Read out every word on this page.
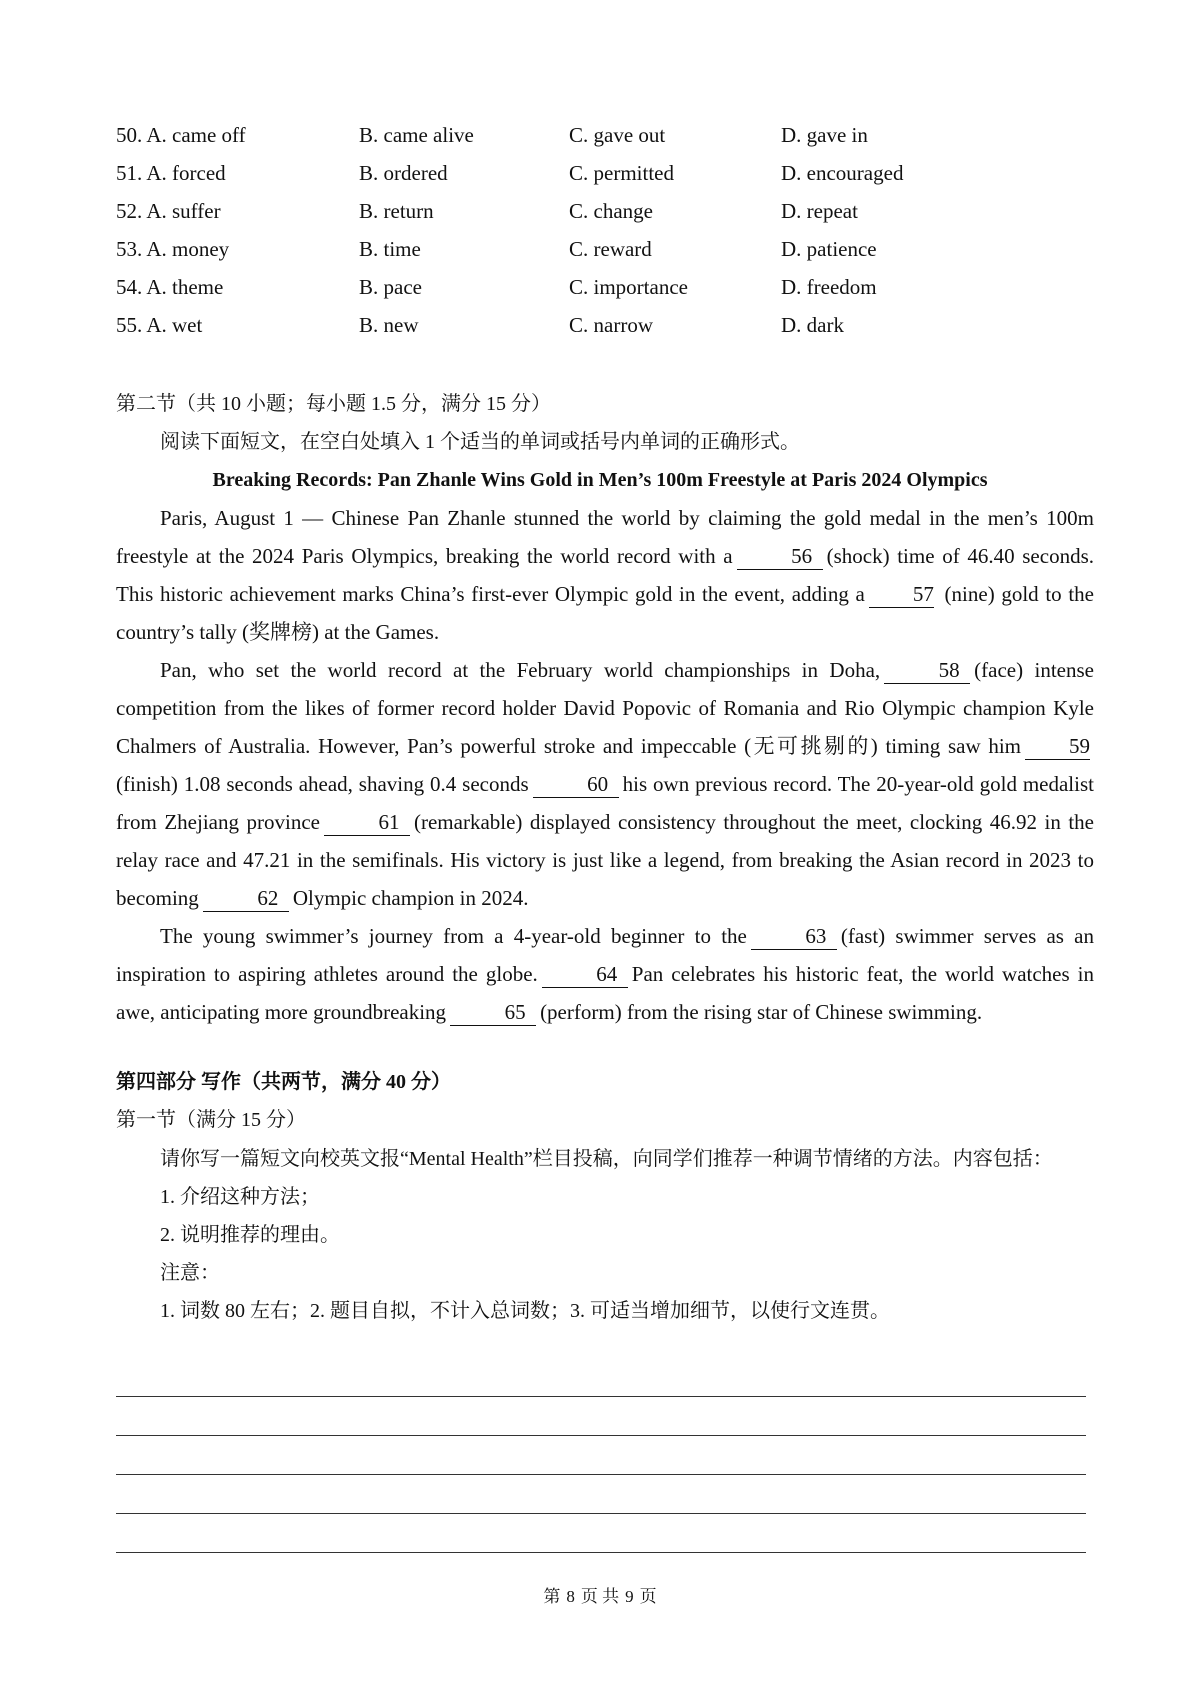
50. A. came off	B. came alive	C. gave out	D. gave in
51. A. forced	B. ordered	C. permitted	D. encouraged
52. A. suffer	B. return	C. change	D. repeat
53. A. money	B. time	C. reward	D. patience
54. A. theme	B. pace	C. importance	D. freedom
55. A. wet	B. new	C. narrow	D. dark
第二节（共 10 小题；每小题 1.5 分，满分 15 分）
阅读下面短文，在空白处填入 1 个适当的单词或括号内单词的正确形式。
Breaking Records: Pan Zhanle Wins Gold in Men’s 100m Freestyle at Paris 2024 Olympics

Paris, August 1 — Chinese Pan Zhanle stunned the world by claiming the gold medal in the men’s 100m freestyle at the 2024 Paris Olympics, breaking the world record with a	56 (shock) time of 46.40 seconds. This historic achievement marks China’s first-ever Olympic gold in the event, adding a 57 (nine) gold to the country’s tally (奖牌榜) at the Games.

Pan, who set the world record at the February world championships in Doha,	58 (face) intense competition from the likes of former record holder David Popovic of Romania and Rio Olympic champion Kyle Chalmers of Australia. However, Pan’s powerful stroke and impeccable (无可挑剔的) timing saw him 59(finish) 1.08 seconds ahead, shaving 0.4 seconds	60 his own previous record. The 20-year-old gold medalist from Zhejiang province	61 (remarkable) displayed consistency throughout the meet, clocking 46.92 in the relay race and 47.21 in the semifinals. His victory is just like a legend, from breaking the Asian record in 2023 to becoming	62 Olympic champion in 2024.

The young swimmer’s journey from a 4-year-old beginner to the	63 (fast) swimmer serves as an inspiration to aspiring athletes around the globe.	64 Pan celebrates his historic feat, the world watches in awe, anticipating more groundbreaking	65 (perform) from the rising star of Chinese swimming.

第四部分 写作（共两节，满分 40 分）
第一节（满分 15 分）

请你写一篇短文向校英文报“Mental Health”栏目投稿，向同学们推荐一种调节情绪的方法。内容包括：

1. 介绍这种方法；

2. 说明推荐的理由。

注意：

1. 词数 80 左右；2. 题目自拟，不计入总词数；3. 可适当增加细节，以使行文连贯。

第 8 页 共 9 页
